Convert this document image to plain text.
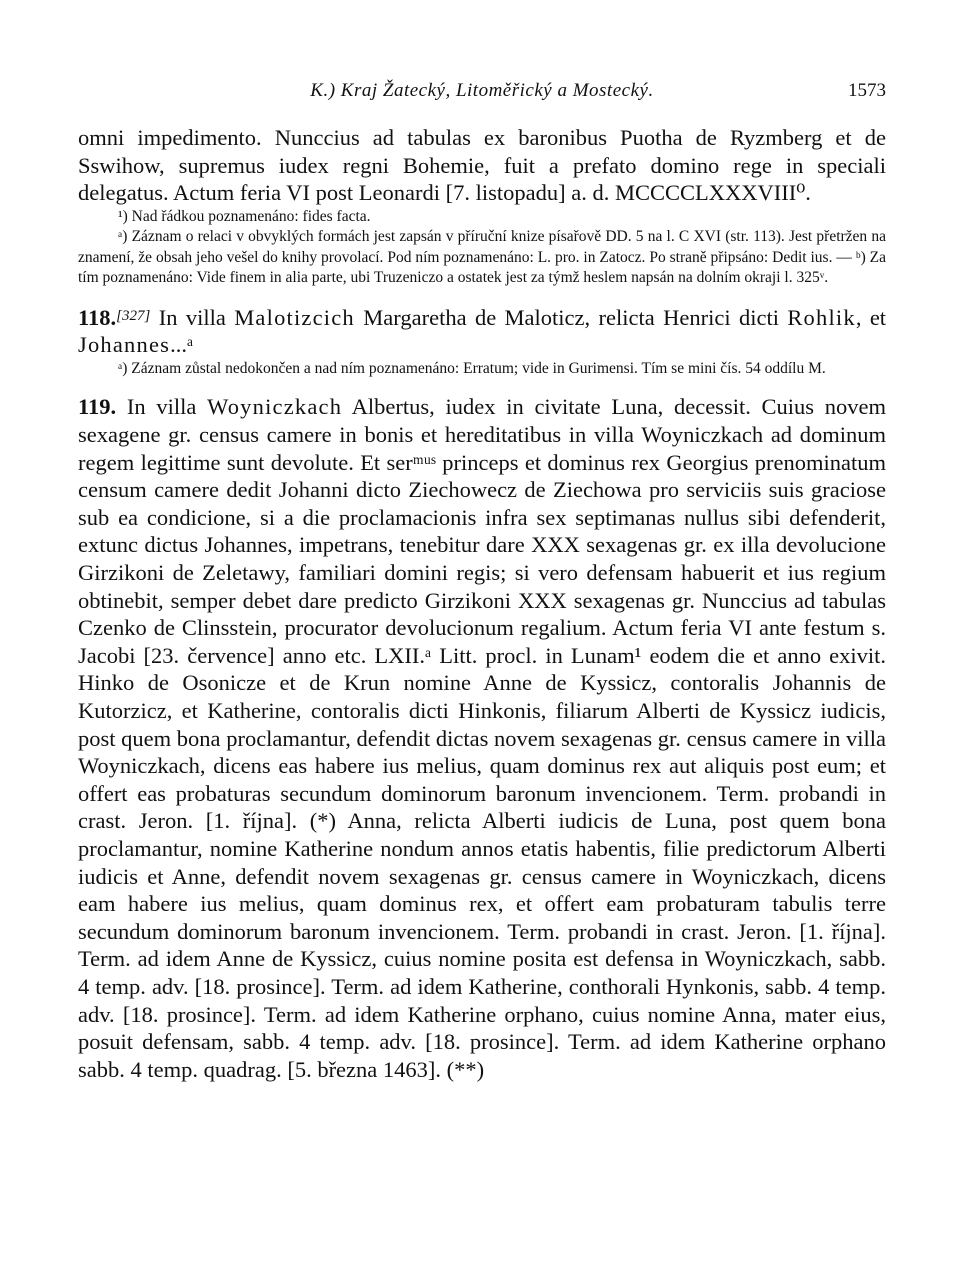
K.) Kraj Žatecký, Litoměřický a Mostecký.	1573

omni impedimento. Nunccius ad tabulas ex baronibus Puotha de Ryzmberg et de Sswihow, supremus iudex regni Bohemie, fuit a prefato domino rege in speciali delegatus. Actum feria VI post Leonardi [7. listopadu] a. d. MCCCCLXXXVIII⁰.

¹) Nad řádkou poznamenáno: fides facta.

ᵃ) Záznam o relaci v obvyklých formách jest zapsán v příruční knize písařově DD. 5 na l. C XVI (str. 113). Jest přetržen na znamení, že obsah jeho vešel do knihy provolací. Pod ním poznamenáno: L. pro. in Zatocz. Po straně připsáno: Dedit ius. — ᵇ) Za tím poznamenáno: Vide finem in alia parte, ubi Truzeniczo a ostatek jest za týmž heslem napsán na dolním okraji l. 325ᵛ.

118.[327] In villa Malotizcich Margaretha de Maloticz, relicta Henrici dicti Rohlik, et Johannes...ᵃ

ᵃ) Záznam zůstal nedokončen a nad ním poznamenáno: Erratum; vide in Gurimensi. Tím se mini čís. 54 oddílu M.

119. In villa Woyniczkach Albertus, iudex in civitate Luna, decessit. Cuius novem sexagene gr. census camere in bonis et hereditatibus in villa Woyniczkach ad dominum regem legittime sunt devolute. Et serᵐᵘˢ princeps et dominus rex Georgius prenominatum censum camere dedit Johanni dicto Ziechowecz de Ziechowa pro serviciis suis graciose sub ea condicione, si a die proclamacionis infra sex septimanas nullus sibi defenderit, extunc dictus Johannes, impetrans, tenebitur dare XXX sexagenas gr. ex illa devolucione Girzikoni de Zeletawy, familiari domini regis; si vero defensam habuerit et ius regium obtinebit, semper debet dare predicto Girzikoni XXX sexagenas gr. Nunccius ad tabulas Czenko de Clinsstein, procurator devolucionum regalium. Actum feria VI ante festum s. Jacobi [23. července] anno etc. LXII.ᵃ Litt. procl. in Lunam¹ eodem die et anno exivit. Hinko de Osonicze et de Krun nomine Anne de Kyssicz, contoralis Johannis de Kutorzicz, et Katherine, contoralis dicti Hinkonis, filiarum Alberti de Kyssicz iudicis, post quem bona proclamantur, defendit dictas novem sexagenas gr. census camere in villa Woyniczkach, dicens eas habere ius melius, quam dominus rex aut aliquis post eum; et offert eas probaturas secundum dominorum baronum invencionem. Term. probandi in crast. Jeron. [1. října]. (*) Anna, relicta Alberti iudicis de Luna, post quem bona proclamantur, nomine Katherine nondum annos etatis habentis, filie predictorum Alberti iudicis et Anne, defendit novem sexagenas gr. census camere in Woyniczkach, dicens eam habere ius melius, quam dominus rex, et offert eam probaturam tabulis terre secundum dominorum baronum invencionem. Term. probandi in crast. Jeron. [1. října]. Term. ad idem Anne de Kyssicz, cuius nomine posita est defensa in Woyniczkach, sabb. 4 temp. adv. [18. prosince]. Term. ad idem Katherine, conthorali Hynkonis, sabb. 4 temp. adv. [18. prosince]. Term. ad idem Katherine orphano, cuius nomine Anna, mater eius, posuit defensam, sabb. 4 temp. adv. [18. prosince]. Term. ad idem Katherine orphano sabb. 4 temp. quadrag. [5. března 1463]. (**)
